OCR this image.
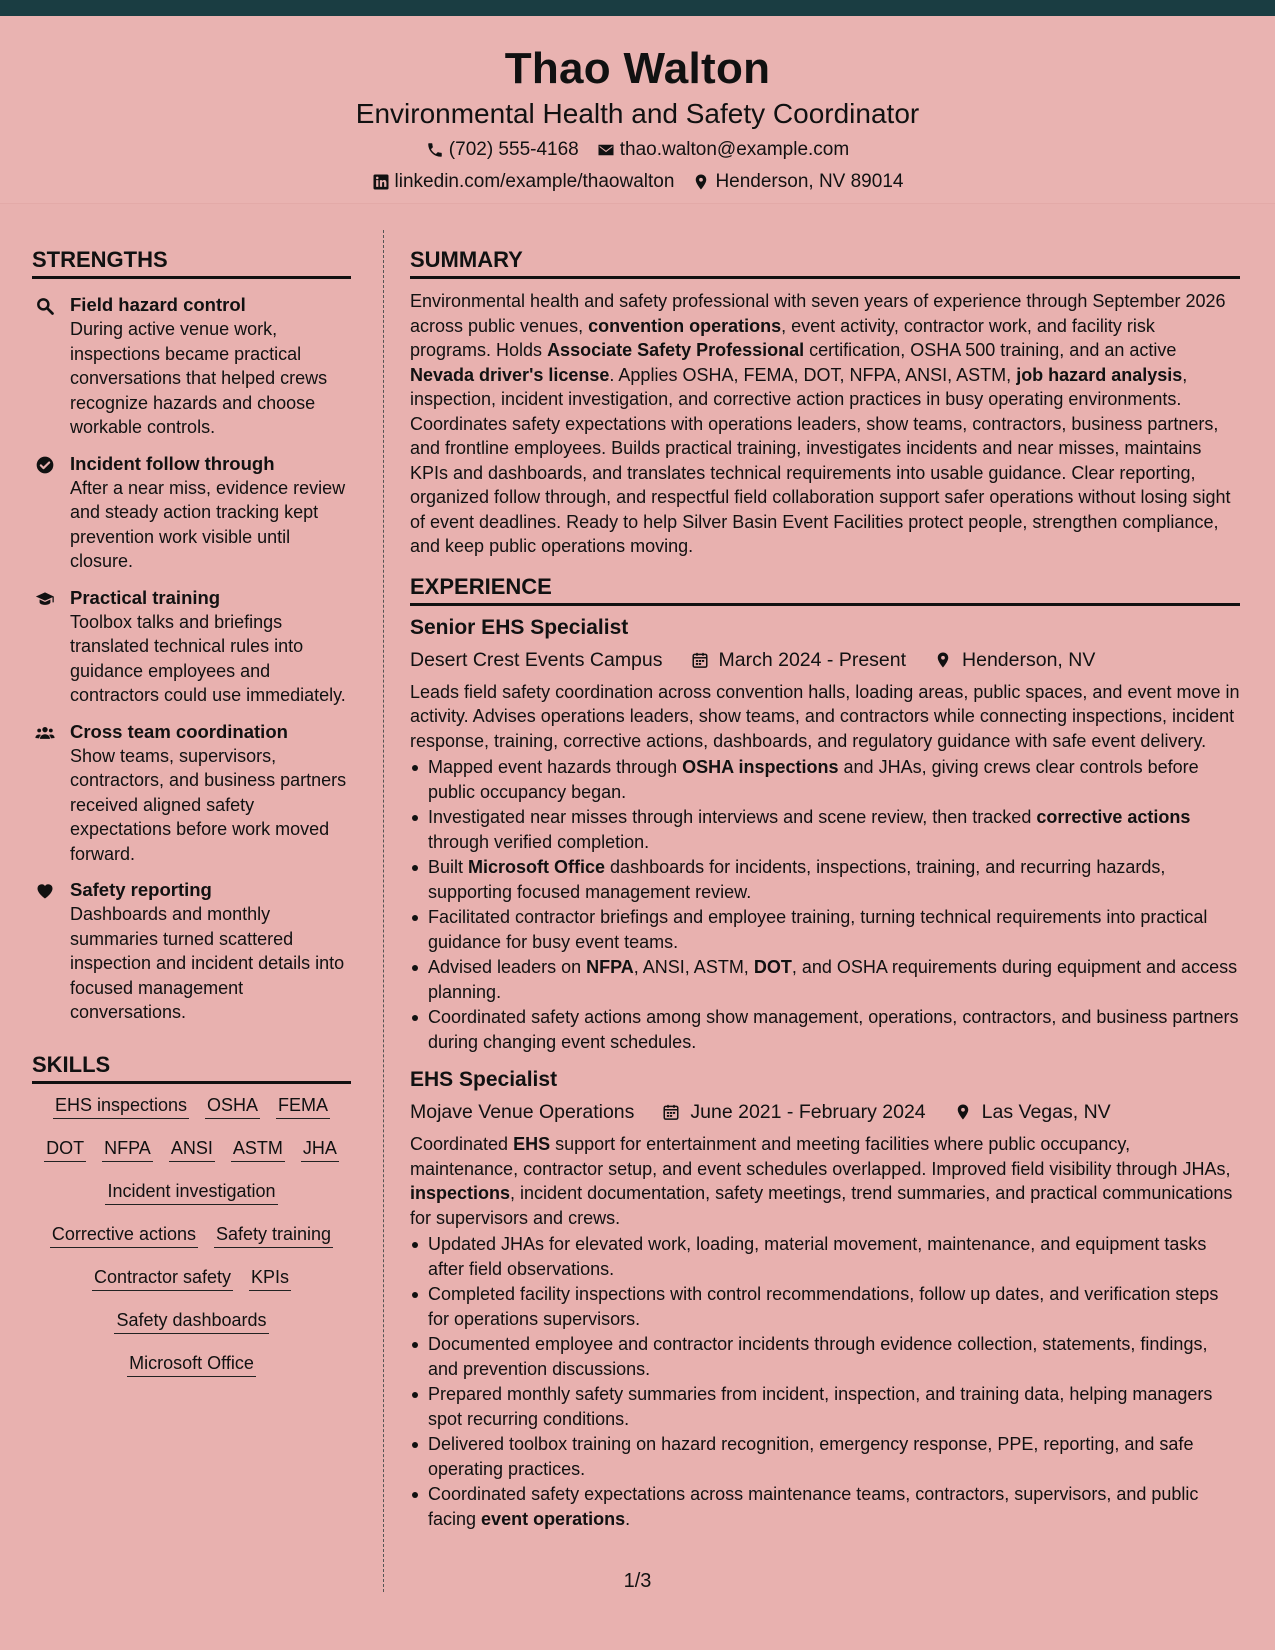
Thao Walton
Environmental Health and Safety Coordinator
(702) 555-4168 thao.walton@example.com
linkedin.com/example/thaowalton Henderson, NV 89014
STRENGTHS
Field hazard control
During active venue work, inspections became practical conversations that helped crews recognize hazards and choose workable controls.
Incident follow through
After a near miss, evidence review and steady action tracking kept prevention work visible until closure.
Practical training
Toolbox talks and briefings translated technical rules into guidance employees and contractors could use immediately.
Cross team coordination
Show teams, supervisors, contractors, and business partners received aligned safety expectations before work moved forward.
Safety reporting
Dashboards and monthly summaries turned scattered inspection and incident details into focused management conversations.
SKILLS
EHS inspections OSHA FEMA
DOT NFPA ANSI ASTM JHA
Incident investigation
Corrective actions Safety training
Contractor safety KPIs
Safety dashboards
Microsoft Office
SUMMARY

Environmental health and safety professional with seven years of experience through September 2026 across public venues, convention operations, event activity, contractor work, and facility risk programs. Holds Associate Safety Professional certification, OSHA 500 training, and an active Nevada driver's license. Applies OSHA, FEMA, DOT, NFPA, ANSI, ASTM, job hazard analysis, inspection, incident investigation, and corrective action practices in busy operating environments. Coordinates safety expectations with operations leaders, show teams, contractors, business partners, and frontline employees. Builds practical training, investigates incidents and near misses, maintains KPIs and dashboards, and translates technical requirements into usable guidance. Clear reporting, organized follow through, and respectful field collaboration support safer operations without losing sight of event deadlines. Ready to help Silver Basin Event Facilities protect people, strengthen compliance, and keep public operations moving.

EXPERIENCE
Senior EHS Specialist
Desert Crest Events Campus	March 2024 - Present	Henderson, NV

Leads field safety coordination across convention halls, loading areas, public spaces, and event move in activity. Advises operations leaders, show teams, and contractors while connecting inspections, incident response, training, corrective actions, dashboards, and regulatory guidance with safe event delivery.

Mapped event hazards through OSHA inspections and JHAs, giving crews clear controls before public occupancy began.
Investigated near misses through interviews and scene review, then tracked corrective actions through verified completion.
Built Microsoft Office dashboards for incidents, inspections, training, and recurring hazards, supporting focused management review.
Facilitated contractor briefings and employee training, turning technical requirements into practical guidance for busy event teams.
Advised leaders on NFPA, ANSI, ASTM, DOT, and OSHA requirements during equipment and access planning.
Coordinated safety actions among show management, operations, contractors, and business partners during changing event schedules.
EHS Specialist
Mojave Venue Operations	June 2021 - February 2024	Las Vegas, NV

Coordinated EHS support for entertainment and meeting facilities where public occupancy, maintenance, contractor setup, and event schedules overlapped. Improved field visibility through JHAs, inspections, incident documentation, safety meetings, trend summaries, and practical communications for supervisors and crews.

Updated JHAs for elevated work, loading, material movement, maintenance, and equipment tasks after field observations.
Completed facility inspections with control recommendations, follow up dates, and verification steps for operations supervisors.
Documented employee and contractor incidents through evidence collection, statements, findings, and prevention discussions.
Prepared monthly safety summaries from incident, inspection, and training data, helping managers spot recurring conditions.
Delivered toolbox training on hazard recognition, emergency response, PPE, reporting, and safe operating practices.
Coordinated safety expectations across maintenance teams, contractors, supervisors, and public facing event operations.
1/3
